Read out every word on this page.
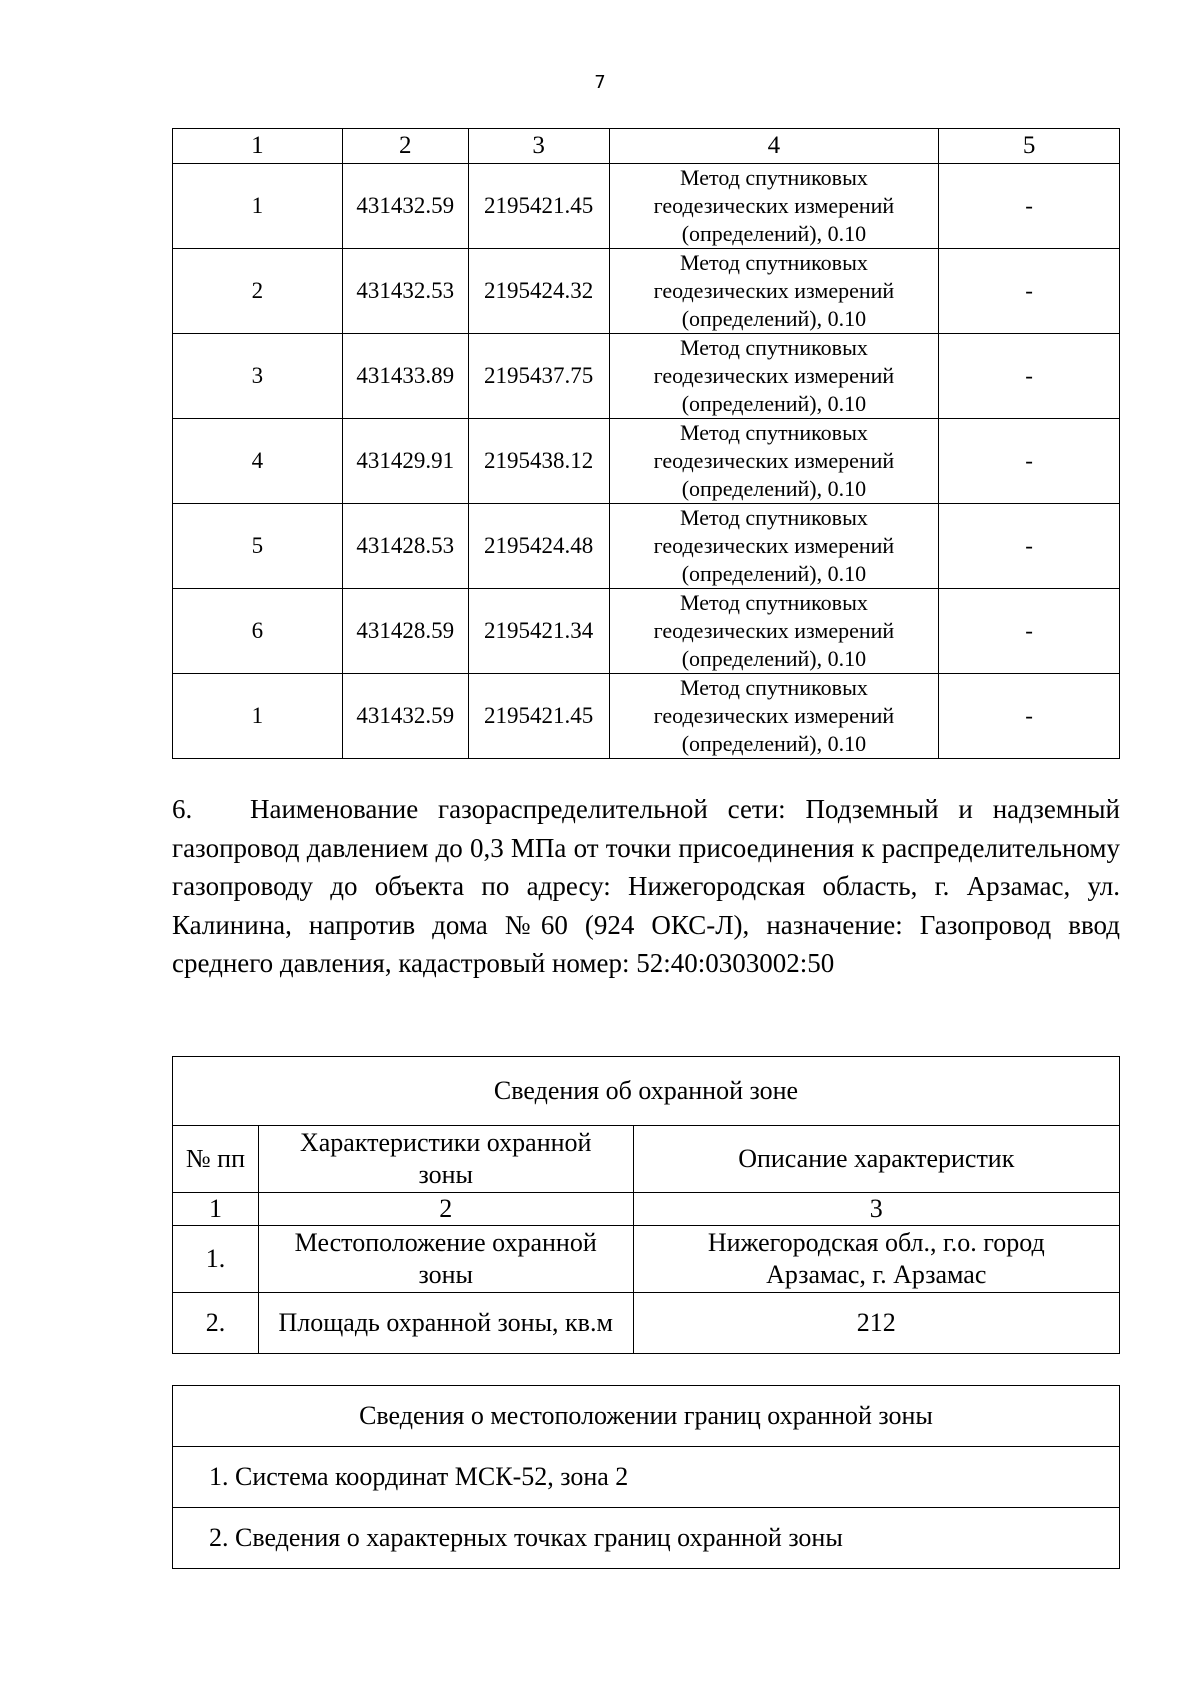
7
1	2	3	4	5
1	431432.59	2195421.45	Метод спутниковых
геодезических измерений
(определений), 0.10	-
2	431432.53	2195424.32	Метод спутниковых
геодезических измерений
(определений), 0.10	-
3	431433.89	2195437.75	Метод спутниковых
геодезических измерений
(определений), 0.10	-
4	431429.91	2195438.12	Метод спутниковых
геодезических измерений
(определений), 0.10	-
5	431428.53	2195424.48	Метод спутниковых
геодезических измерений
(определений), 0.10	-
6	431428.59	2195421.34	Метод спутниковых
геодезических измерений
(определений), 0.10	-
1	431432.59	2195421.45	Метод спутниковых
геодезических измерений
(определений), 0.10	-

6. Наименование газораспределительной сети: Подземный и надземный газопровод давлением до 0,3 МПа от точки присоединения к распределительному газопроводу до объекта по адресу: Нижегородская область, г. Арзамас, ул. Калинина, напротив дома №60 (924 ОКС-Л), назначение: Газопровод ввод среднего давления, кадастровый номер: 52:40:0303002:50

Сведения об охранной зоне		
№ пп	Характеристики охранной
зоны	Описание характеристик
1	2	3
1.	Местоположение охранной
зоны	Нижегородская обл., г.о. город
Арзамас, г. Арзамас
2.	Площадь охранной зоны, кв.м	212
Сведения о местоположении границ охранной зоны
1. Система координат МСК-52, зона 2
2. Сведения о характерных точках границ охранной зоны
